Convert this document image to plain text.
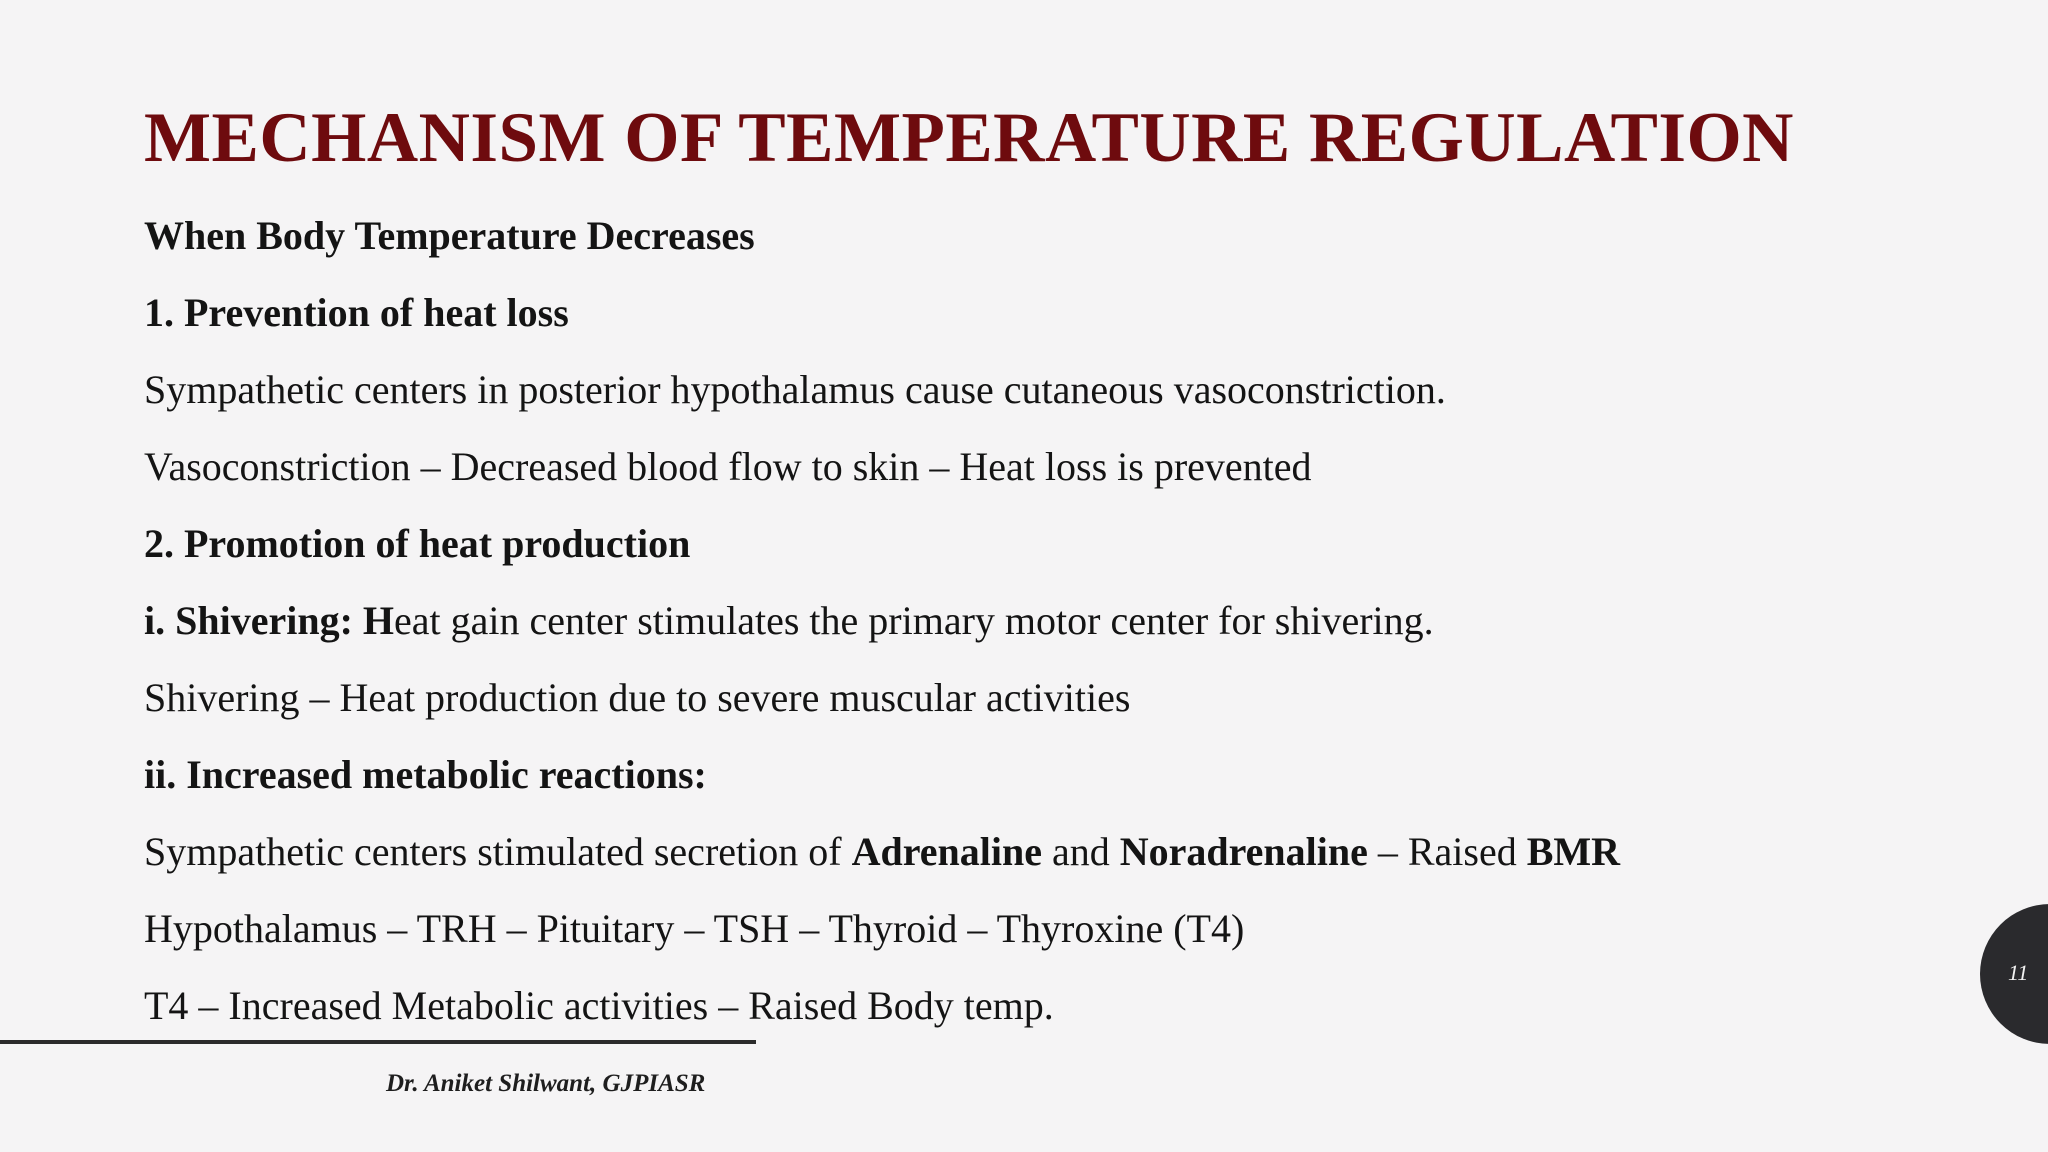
MECHANISM OF TEMPERATURE REGULATION
When Body Temperature Decreases
1. Prevention of heat loss
Sympathetic centers in posterior hypothalamus cause cutaneous vasoconstriction.
Vasoconstriction – Decreased blood flow to skin – Heat loss is prevented
2. Promotion of heat production
i. Shivering: Heat gain center stimulates the primary motor center for shivering.
Shivering – Heat production due to severe muscular activities
ii. Increased metabolic reactions:
Sympathetic centers stimulated secretion of Adrenaline and Noradrenaline – Raised BMR
Hypothalamus – TRH – Pituitary – TSH – Thyroid – Thyroxine (T4)
T4 – Increased Metabolic activities – Raised Body temp.
Dr. Aniket Shilwant, GJPIASR
11
